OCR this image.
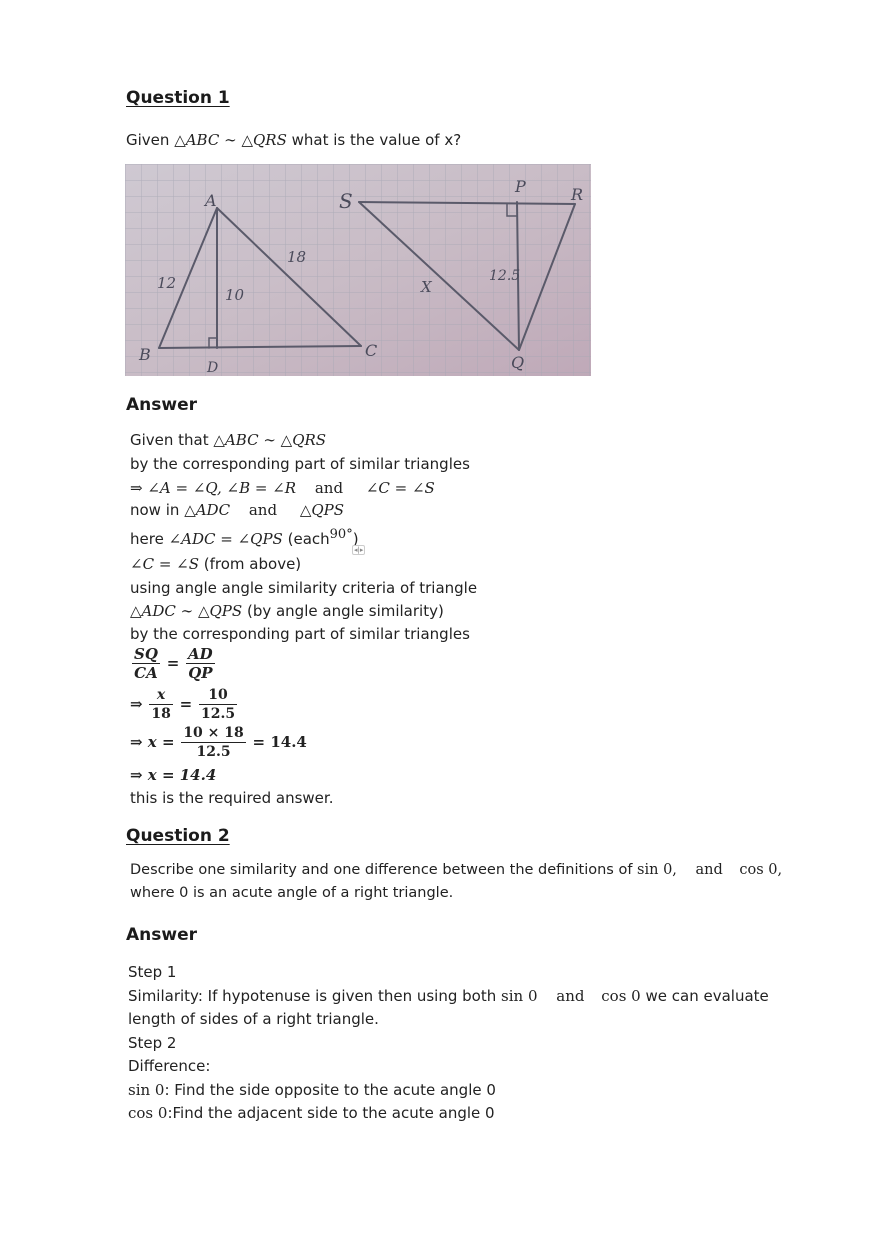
Question 1
Given △ABC ∼ △QRS what is the value of x?
A
B	C
D
S
P	R
Q
12
10
18
X
12.5
Answer
Given that △ABC ∼ △QRS
by the corresponding part of similar triangles
⇒ ∠A = ∠Q, ∠B = ∠R and ∠C = ∠S
now in △ADC and △QPS
here ∠ADC = ∠QPS (each$^{90^\circ}$)
◂|▸
∠C = ∠S (from above)
using angle angle similarity criteria of triangle
△ADC ∼ △QPS (by angle angle similarity)
by the corresponding part of similar triangles
$\frac{SQ}{CA} = \frac{AD}{QP}$
⇒ $\frac{x}{18} = \frac{10}{12.5}$
⇒ $x = \frac{10 \times 18}{12.5} = 14.4$
⇒ x = 14.4
this is the required answer.
Question 2
Describe one similarity and one difference between the definitions of sin 0, and cos 0,
where 0 is an acute angle of a right triangle.
Answer
Step 1
Similarity: If hypotenuse is given then using both sin 0 and cos 0 we can evaluate
length of sides of a right triangle.
Step 2
Difference:
sin 0: Find the side opposite to the acute angle 0
cos 0:Find the adjacent side to the acute angle 0
